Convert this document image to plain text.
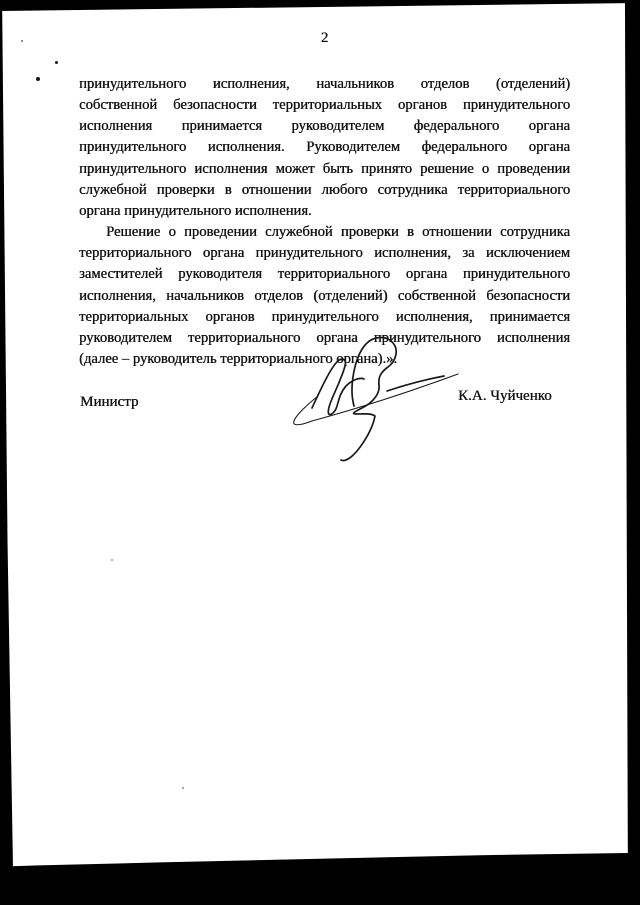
2
принудительного исполнения, начальников отделов (отделений)
собственной безопасности территориальных органов принудительного
исполнения принимается руководителем федерального органа
принудительного исполнения. Руководителем федерального органа
принудительного исполнения может быть принято решение о проведении
служебной проверки в отношении любого сотрудника территориального
органа принудительного исполнения.
Решение о проведении служебной проверки в отношении сотрудника
территориального органа принудительного исполнения, за исключением
заместителей руководителя территориального органа принудительного
исполнения, начальников отделов (отделений) собственной безопасности
территориальных органов принудительного исполнения, принимается
руководителем территориального органа принудительного исполнения
(далее – руководитель территориального органа).».
Министр	К.А. Чуйченко
